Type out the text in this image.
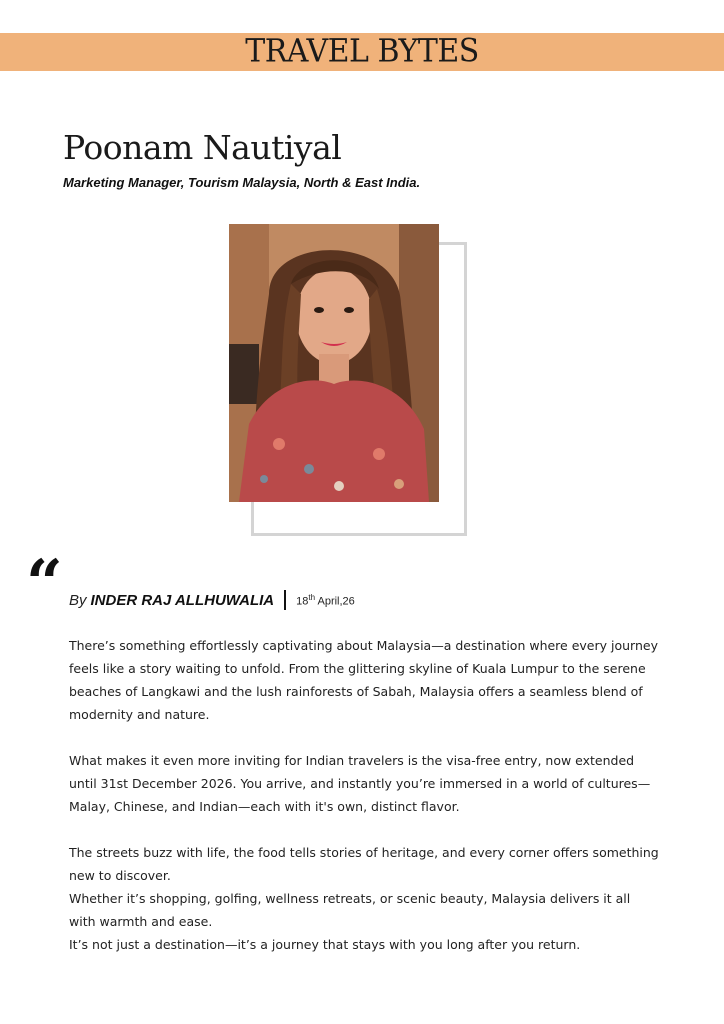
TRAVEL BYTES
Poonam Nautiyal
Marketing Manager, Tourism Malaysia, North & East India.
“ By INDER RAJ ALLHUWALIA 18th April,26

There’s something effortlessly captivating about Malaysia—a destination where every journey feels like a story waiting to unfold. From the glittering skyline of Kuala Lumpur to the serene beaches of Langkawi and the lush rainforests of Sabah, Malaysia offers a seamless blend of modernity and nature.

What makes it even more inviting for Indian travelers is the visa-free entry, now extended until 31st December 2026. You arrive, and instantly you’re immersed in a world of cultures—Malay, Chinese, and Indian—each with it's own, distinct flavor.

The streets buzz with life, the food tells stories of heritage, and every corner offers something new to discover.

Whether it’s shopping, golfing, wellness retreats, or scenic beauty, Malaysia delivers it all with warmth and ease.

It’s not just a destination—it’s a journey that stays with you long after you return.
